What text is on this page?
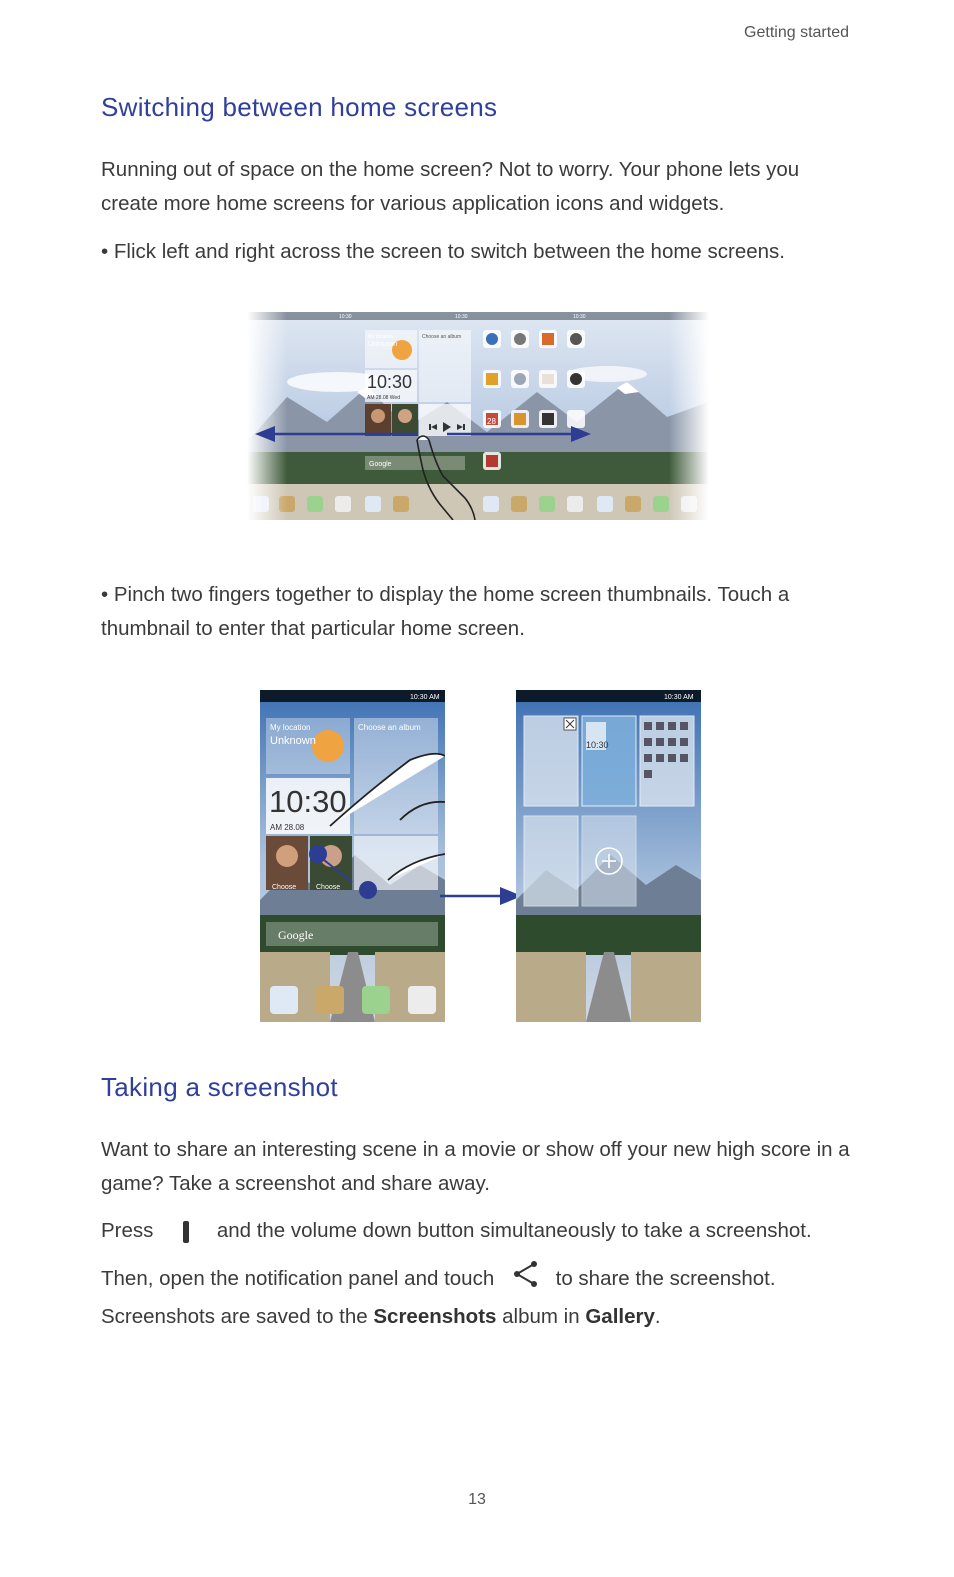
Getting started
Switching between home screens
Running out of space on the home screen? Not to worry. Your phone lets you create more home screens for various application icons and widgets.
• Flick left and right across the screen to switch between the home screens.
10:30	10:30	10:30
My location
Unknown
Choose an album
10:30
AM 28.08 Wed
28
Google
• Pinch two fingers together to display the home screen thumbnails. Touch a thumbnail to enter that particular home screen.
10:30 AM
My location
Unknown
Choose an album
10:30
AM 28.08
Choose	Choose
Google
10:30 AM
10:30
Taking a screenshot
Want to share an interesting scene in a movie or show off your new high score in a game? Take a screenshot and share away.
Press	and the volume down button simultaneously to take a screenshot.
Then, open the notification panel and touch	to share the screenshot.
Screenshots are saved to the Screenshots album in Gallery.
13
